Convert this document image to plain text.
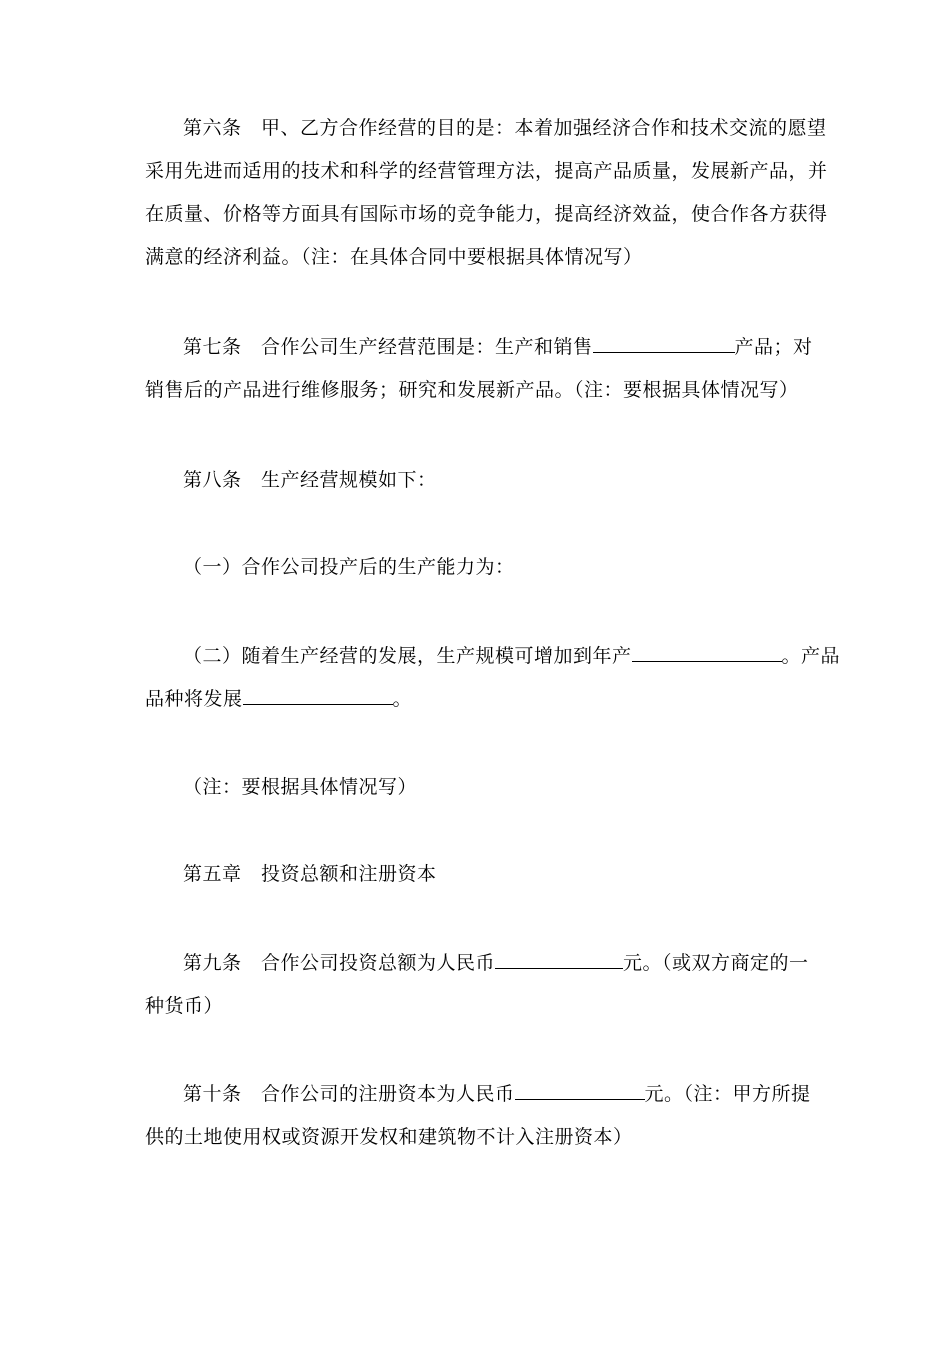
第六条　甲、乙方合作经营的目的是：本着加强经济合作和技术交流的愿望
采用先进而适用的技术和科学的经营管理方法，提高产品质量，发展新产品，并
在质量、价格等方面具有国际市场的竞争能力，提高经济效益，使合作各方获得
满意的经济利益。（注：在具体合同中要根据具体情况写）
第七条　合作公司生产经营范围是：生产和销售	产品；对
销售后的产品进行维修服务；研究和发展新产品。（注：要根据具体情况写）
第八条　生产经营规模如下：
（一）合作公司投产后的生产能力为：
（二）随着生产经营的发展，生产规模可增加到年产	。产品
品种将发展	。
（注：要根据具体情况写）
第五章　投资总额和注册资本
第九条　合作公司投资总额为人民币	元。（或双方商定的一
种货币）
第十条　合作公司的注册资本为人民币	元。（注：甲方所提
供的土地使用权或资源开发权和建筑物不计入注册资本）
